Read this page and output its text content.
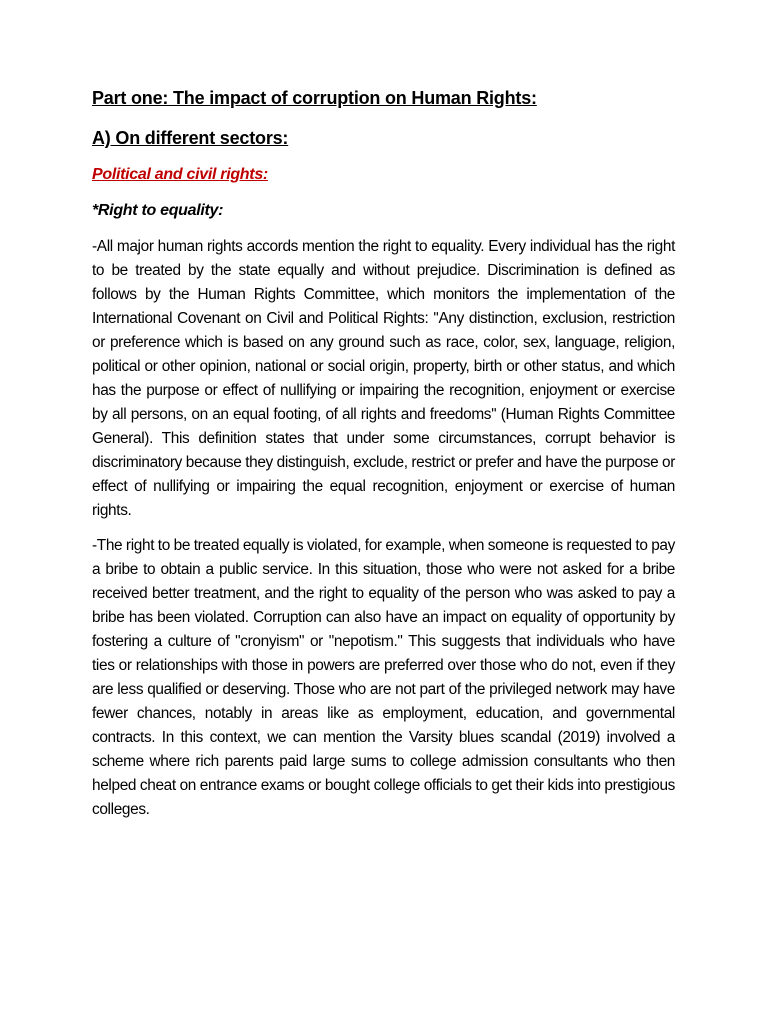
Part one: The impact of corruption on Human Rights:
A) On different sectors:
Political and civil rights:
*Right to equality:

-All major human rights accords mention the right to equality. Every individual has the right to be treated by the state equally and without prejudice. Discrimination is defined as follows by the Human Rights Committee, which monitors the implementation of the International Covenant on Civil and Political Rights: ʹʹAny distinction, exclusion, restriction or preference which is based on any ground such as race, color, sex, language, religion, political or other opinion, national or social origin, property, birth or other status, and which has the purpose or effect of nullifying or impairing the recognition, enjoyment or exercise by all persons, on an equal footing, of all rights and freedomsʹʹ (Human Rights Committee General). This definition states that under some circumstances, corrupt behavior is discriminatory because they distinguish, exclude, restrict or prefer and have the purpose or effect of nullifying or impairing the equal recognition, enjoyment or exercise of human rights.

-The right to be treated equally is violated, for example, when someone is requested to pay a bribe to obtain a public service. In this situation, those who were not asked for a bribe received better treatment, and the right to equality of the person who was asked to pay a bribe has been violated. Corruption can also have an impact on equality of opportunity by fostering a culture of "cronyism" or "nepotism." This suggests that individuals who have ties or relationships with those in powers are preferred over those who do not, even if they are less qualified or deserving. Those who are not part of the privileged network may have fewer chances, notably in areas like as employment, education, and governmental contracts. In this context, we can mention the Varsity blues scandal (2019) involved a scheme where rich parents paid large sums to college admission consultants who then helped cheat on entrance exams or bought college officials to get their kids into prestigious colleges.
